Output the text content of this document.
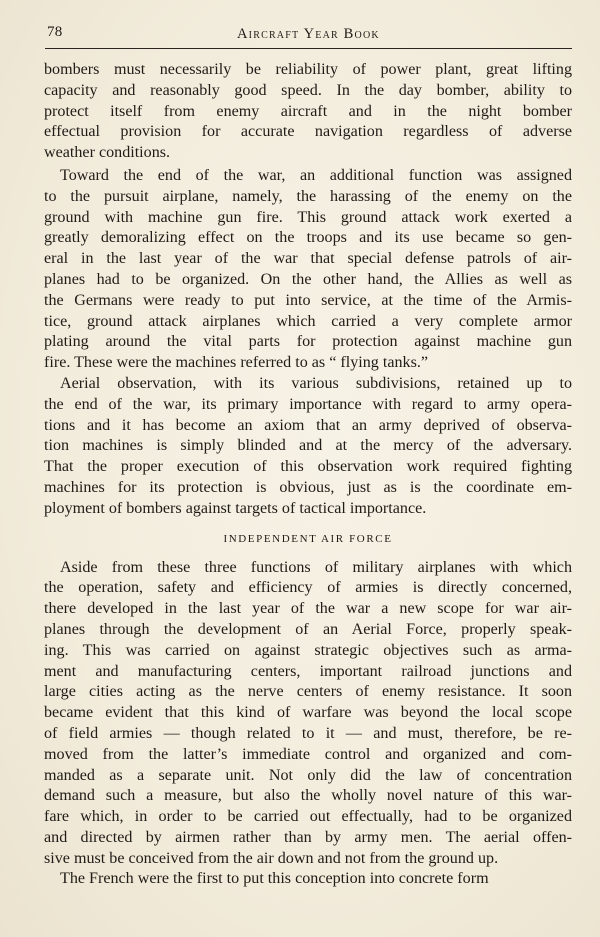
78	Aircraft Year Book
bombers must necessarily be reliability of power plant, great lifting
capacity and reasonably good speed. In the day bomber, ability to
protect itself from enemy aircraft and in the night bomber
effectual provision for accurate navigation regardless of adverse
weather conditions.
Toward the end of the war, an additional function was assigned
to the pursuit airplane, namely, the harassing of the enemy on the
ground with machine gun fire. This ground attack work exerted a
greatly demoralizing effect on the troops and its use became so gen-
eral in the last year of the war that special defense patrols of air-
planes had to be organized. On the other hand, the Allies as well as
the Germans were ready to put into service, at the time of the Armis-
tice, ground attack airplanes which carried a very complete armor
plating around the vital parts for protection against machine gun
fire. These were the machines referred to as “ flying tanks.”
Aerial observation, with its various subdivisions, retained up to
the end of the war, its primary importance with regard to army opera-
tions and it has become an axiom that an army deprived of observa-
tion machines is simply blinded and at the mercy of the adversary.
That the proper execution of this observation work required fighting
machines for its protection is obvious, just as is the coordinate em-
ployment of bombers against targets of tactical importance.
INDEPENDENT AIR FORCE
Aside from these three functions of military airplanes with which
the operation, safety and efficiency of armies is directly concerned,
there developed in the last year of the war a new scope for war air-
planes through the development of an Aerial Force, properly speak-
ing. This was carried on against strategic objectives such as arma-
ment and manufacturing centers, important railroad junctions and
large cities acting as the nerve centers of enemy resistance. It soon
became evident that this kind of warfare was beyond the local scope
of field armies — though related to it — and must, therefore, be re-
moved from the latter’s immediate control and organized and com-
manded as a separate unit. Not only did the law of concentration
demand such a measure, but also the wholly novel nature of this war-
fare which, in order to be carried out effectually, had to be organized
and directed by airmen rather than by army men. The aerial offen-
sive must be conceived from the air down and not from the ground up.
The French were the first to put this conception into concrete form
